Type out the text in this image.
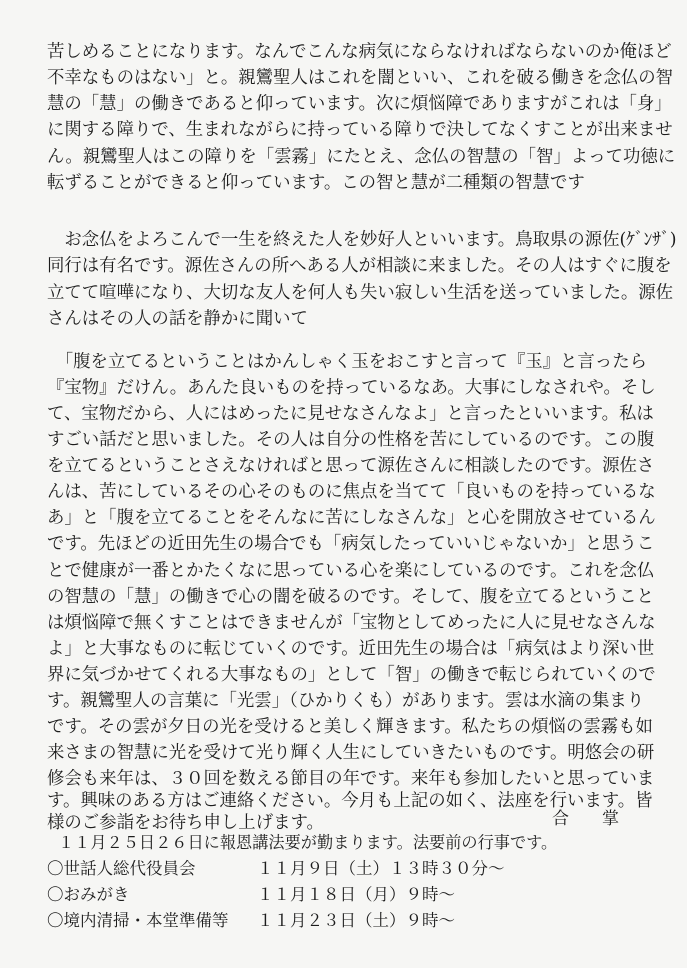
苦しめることになります。なんでこんな病気にならなければならないのか俺ほど
不幸なものはない」と。親鸞聖人はこれを闇といい、これを破る働きを念仏の智
慧の「慧」の働きであると仰っています。次に煩悩障でありますがこれは「身」
に関する障りで、生まれながらに持っている障りで決してなくすことが出来ませ
ん。親鸞聖人はこの障りを「雲霧」にたとえ、念仏の智慧の「智」よって功徳に
転ずることができると仰っています。この智と慧が二種類の智慧です
　お念仏をよろこんで一生を終えた人を妙好人といいます。鳥取県の源佐(ｹﾞﾝｻﾞ)
同行は有名です。源佐さんの所へある人が相談に来ました。その人はすぐに腹を
立てて喧嘩になり、大切な友人を何人も失い寂しい生活を送っていました。源佐
さんはその人の話を静かに聞いて
　「腹を立てるということはかんしゃく玉をおこすと言って『玉』と言ったら
『宝物』だけん。あんた良いものを持っているなあ。大事にしなされや。そし
て、宝物だから、人にはめったに見せなさんなよ」と言ったといいます。私は
すごい話だと思いました。その人は自分の性格を苦にしているのです。この腹
を立てるということさえなければと思って源佐さんに相談したのです。源佐さ
んは、苦にしているその心そのものに焦点を当てて「良いものを持っているな
あ」と「腹を立てることをそんなに苦にしなさんな」と心を開放させているん
です。先ほどの近田先生の場合でも「病気したっていいじゃないか」と思うこ
とで健康が一番とかたくなに思っている心を楽にしているのです。これを念仏
の智慧の「慧」の働きで心の闇を破るのです。そして、腹を立てるということ
は煩悩障で無くすことはできませんが「宝物としてめったに人に見せなさんな
よ」と大事なものに転じていくのです。近田先生の場合は「病気はより深い世
界に気づかせてくれる大事なもの」として「智」の働きで転じられていくので
す。親鸞聖人の言葉に「光雲」（ひかりくも）があります。雲は水滴の集まり
です。その雲が夕日の光を受けると美しく輝きます。私たちの煩悩の雲霧も如
来さまの智慧に光を受けて光り輝く人生にしていきたいものです。明悠会の研
修会も来年は、３０回を数える節目の年です。来年も参加したいと思っていま
す。興味のある方はご連絡ください。今月も上記の如く、法座を行います。皆
様のご参詣をお待ち申し上げます。	合　掌
１１月２５日２６日に報恩講法要が勤まります。法要前の行事です。
〇世話人総代役員会	１１月９日（土）１３時３０分～
〇おみがき	１１月１８日（月）９時～
〇境内清掃・本堂準備等 １１月２３日（土）９時～
